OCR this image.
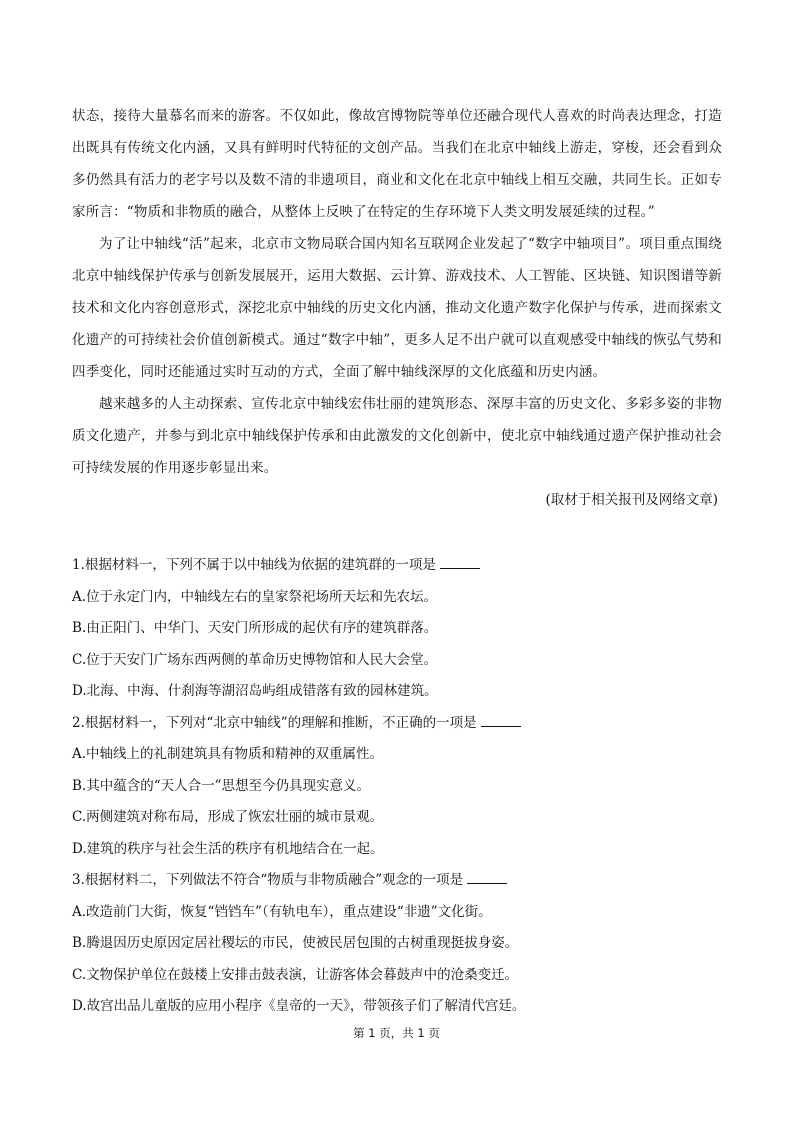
状态，接待大量慕名而来的游客。不仅如此，像故宫博物院等单位还融合现代人喜欢的时尚表达理念，打造出既具有传统文化内涵，又具有鲜明时代特征的文创产品。当我们在北京中轴线上游走，穿梭，还会看到众多仍然具有活力的老字号以及数不清的非遗项目，商业和文化在北京中轴线上相互交融，共同生长。正如专家所言：“物质和非物质的融合，从整体上反映了在特定的生存环境下人类文明发展延续的过程。”

为了让中轴线“活”起来，北京市文物局联合国内知名互联网企业发起了“数字中轴项目”。项目重点围绕北京中轴线保护传承与创新发展展开，运用大数据、云计算、游戏技术、人工智能、区块链、知识图谱等新技术和文化内容创意形式，深挖北京中轴线的历史文化内涵，推动文化遗产数字化保护与传承，进而探索文化遗产的可持续社会价值创新模式。通过“数字中轴”，更多人足不出户就可以直观感受中轴线的恢弘气势和四季变化，同时还能通过实时互动的方式，全面了解中轴线深厚的文化底蕴和历史内涵。

越来越多的人主动探索、宣传北京中轴线宏伟壮丽的建筑形态、深厚丰富的历史文化、多彩多姿的非物质文化遗产，并参与到北京中轴线保护传承和由此激发的文化创新中，使北京中轴线通过遗产保护推动社会可持续发展的作用逐步彰显出来。

(取材于相关报刊及网络文章)

1.根据材料一，下列不属于以中轴线为依据的建筑群的一项是

A.位于永定门内，中轴线左右的皇家祭祀场所天坛和先农坛。

B.由正阳门、中华门、天安门所形成的起伏有序的建筑群落。

C.位于天安门广场东西两侧的革命历史博物馆和人民大会堂。

D.北海、中海、什刹海等湖沼岛屿组成错落有致的园林建筑。

2.根据材料一，下列对“北京中轴线”的理解和推断，不正确的一项是

A.中轴线上的礼制建筑具有物质和精神的双重属性。

B.其中蕴含的“天人合一”思想至今仍具现实意义。

C.两侧建筑对称布局，形成了恢宏壮丽的城市景观。

D.建筑的秩序与社会生活的秩序有机地结合在一起。

3.根据材料二，下列做法不符合“物质与非物质融合”观念的一项是

A.改造前门大街，恢复“铛铛车”（有轨电车），重点建设“非遗”文化街。

B.腾退因历史原因定居社稷坛的市民，使被民居包围的古树重现挺拔身姿。

C.文物保护单位在鼓楼上安排击鼓表演，让游客体会暮鼓声中的沧桑变迁。

D.故宫出品儿童版的应用小程序《皇帝的一天》，带领孩子们了解清代宫廷。

第 1 页，共 1 页
